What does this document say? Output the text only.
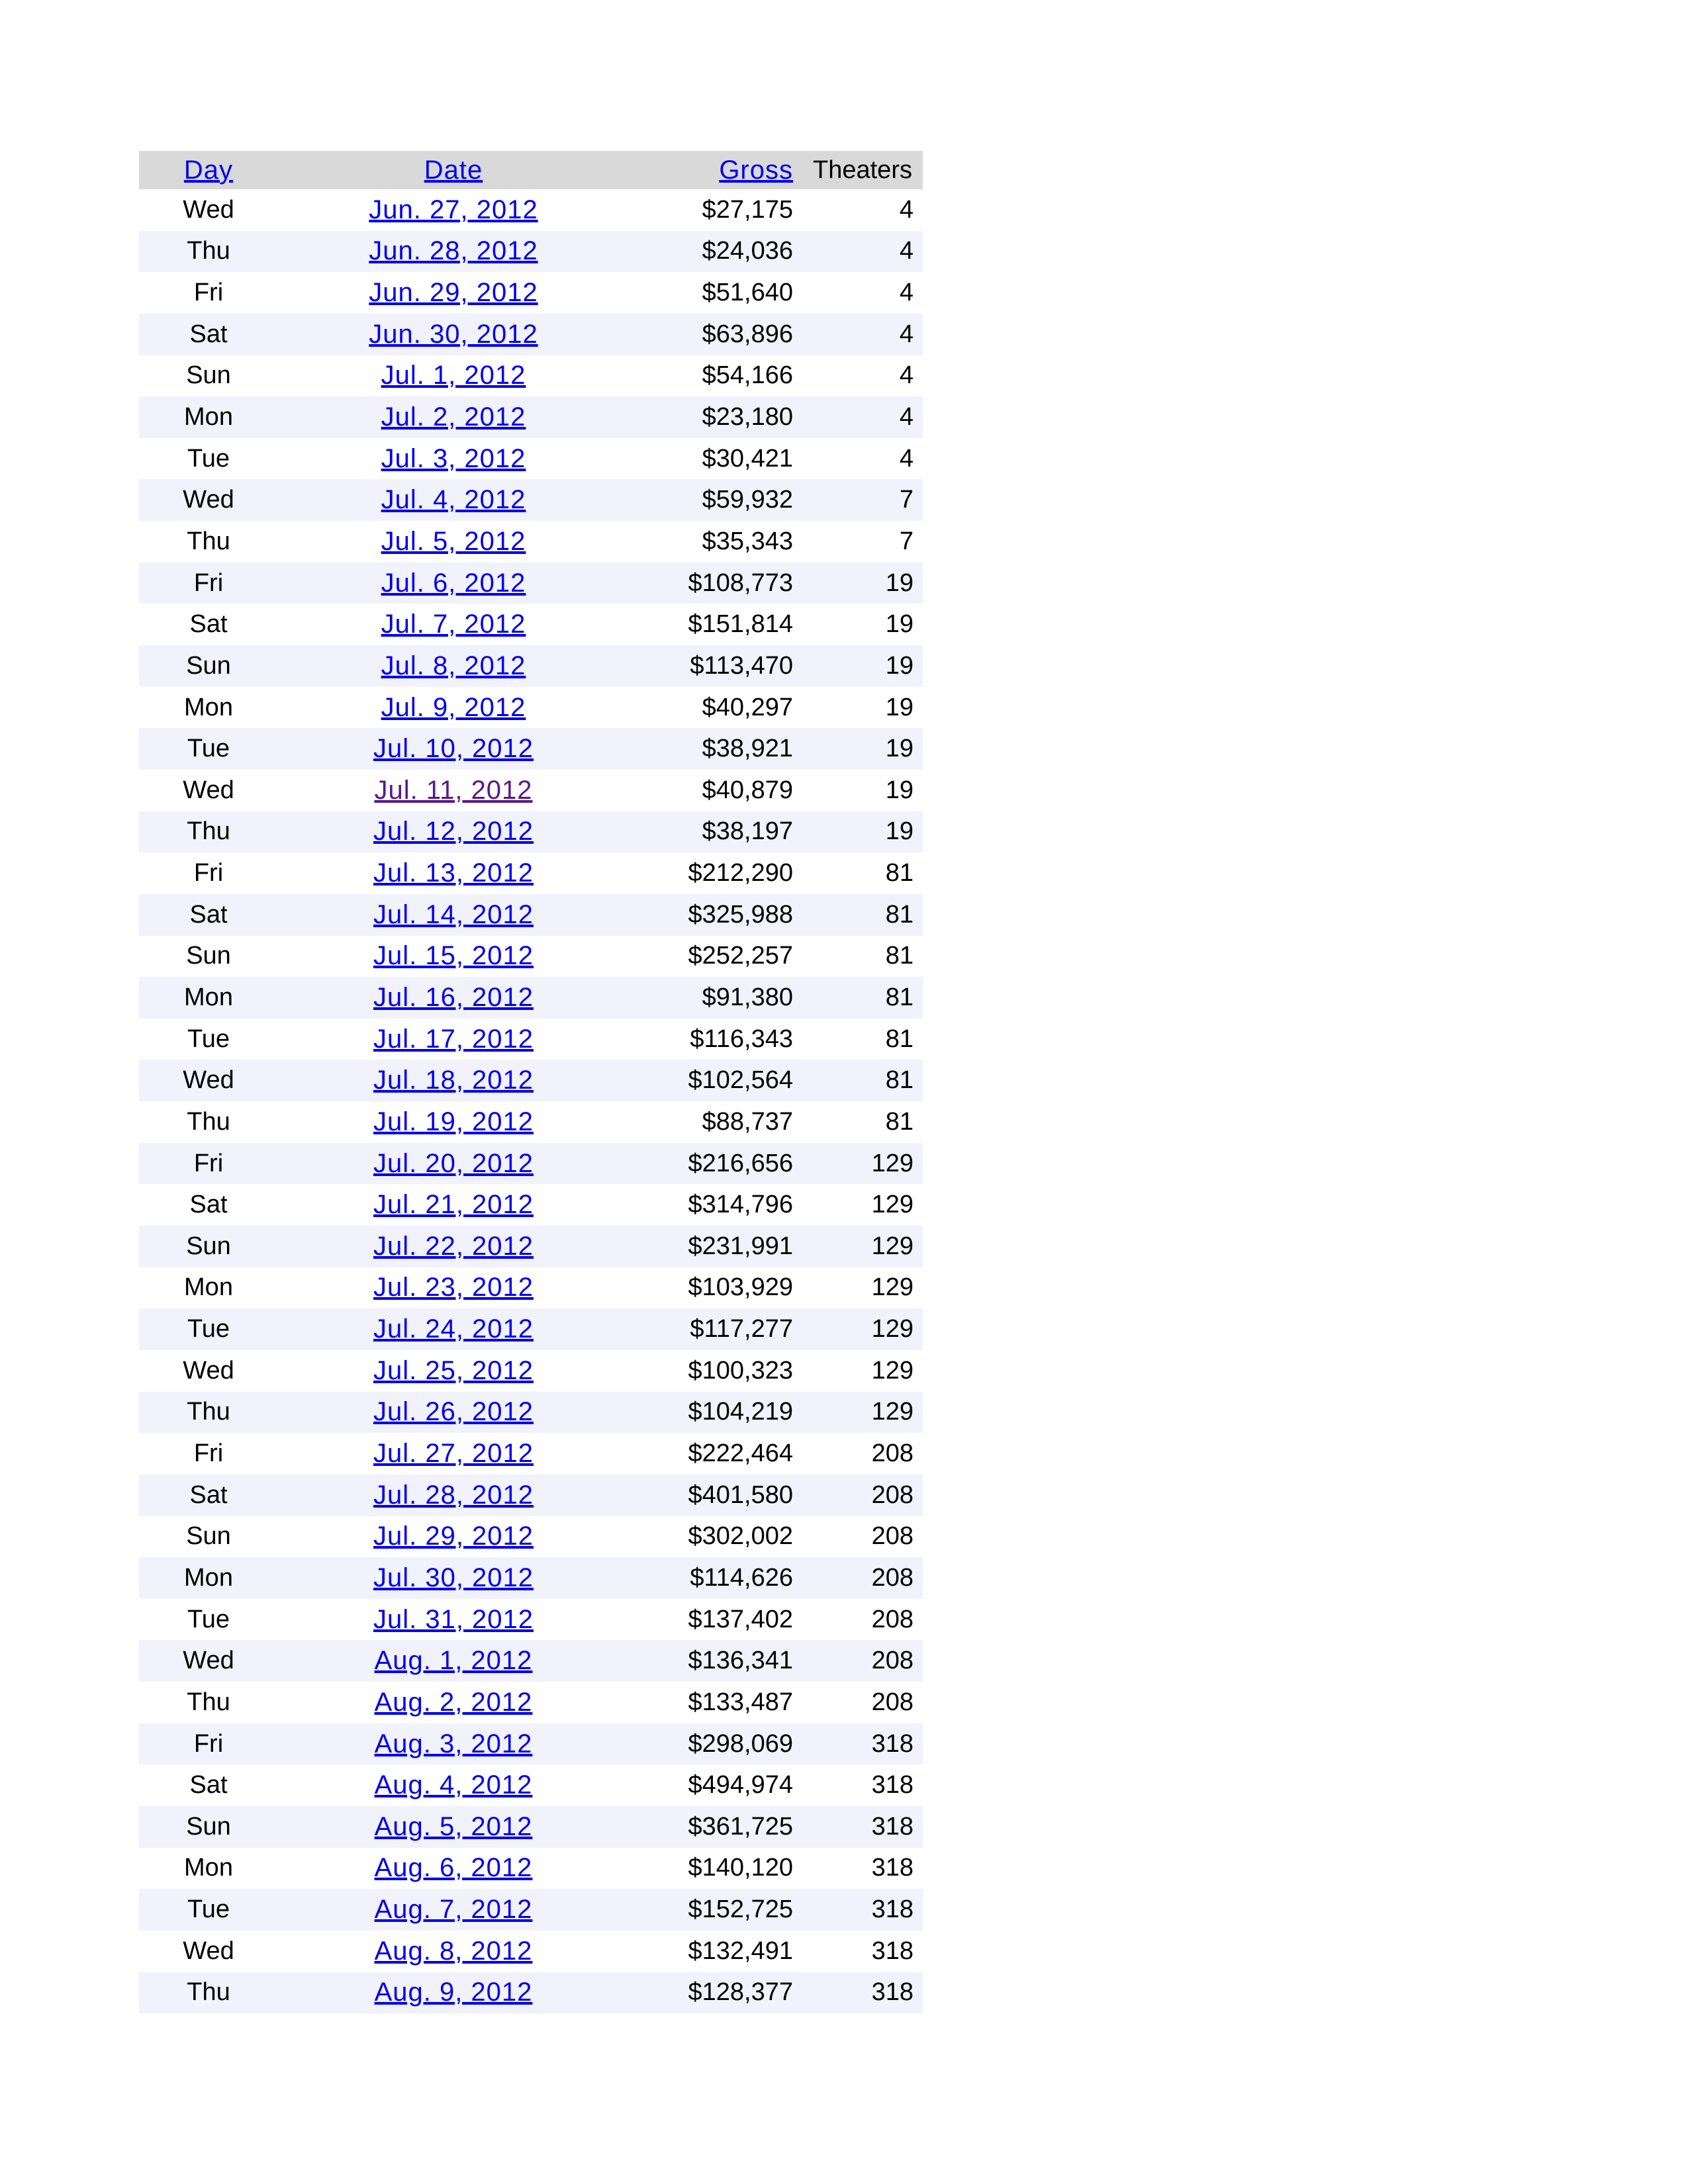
Day	Date	Gross	Theaters
Wed	Jun. 27, 2012	$27,175	4
Thu	Jun. 28, 2012	$24,036	4
Fri	Jun. 29, 2012	$51,640	4
Sat	Jun. 30, 2012	$63,896	4
Sun	Jul. 1, 2012	$54,166	4
Mon	Jul. 2, 2012	$23,180	4
Tue	Jul. 3, 2012	$30,421	4
Wed	Jul. 4, 2012	$59,932	7
Thu	Jul. 5, 2012	$35,343	7
Fri	Jul. 6, 2012	$108,773	19
Sat	Jul. 7, 2012	$151,814	19
Sun	Jul. 8, 2012	$113,470	19
Mon	Jul. 9, 2012	$40,297	19
Tue	Jul. 10, 2012	$38,921	19
Wed	Jul. 11, 2012	$40,879	19
Thu	Jul. 12, 2012	$38,197	19
Fri	Jul. 13, 2012	$212,290	81
Sat	Jul. 14, 2012	$325,988	81
Sun	Jul. 15, 2012	$252,257	81
Mon	Jul. 16, 2012	$91,380	81
Tue	Jul. 17, 2012	$116,343	81
Wed	Jul. 18, 2012	$102,564	81
Thu	Jul. 19, 2012	$88,737	81
Fri	Jul. 20, 2012	$216,656	129
Sat	Jul. 21, 2012	$314,796	129
Sun	Jul. 22, 2012	$231,991	129
Mon	Jul. 23, 2012	$103,929	129
Tue	Jul. 24, 2012	$117,277	129
Wed	Jul. 25, 2012	$100,323	129
Thu	Jul. 26, 2012	$104,219	129
Fri	Jul. 27, 2012	$222,464	208
Sat	Jul. 28, 2012	$401,580	208
Sun	Jul. 29, 2012	$302,002	208
Mon	Jul. 30, 2012	$114,626	208
Tue	Jul. 31, 2012	$137,402	208
Wed	Aug. 1, 2012	$136,341	208
Thu	Aug. 2, 2012	$133,487	208
Fri	Aug. 3, 2012	$298,069	318
Sat	Aug. 4, 2012	$494,974	318
Sun	Aug. 5, 2012	$361,725	318
Mon	Aug. 6, 2012	$140,120	318
Tue	Aug. 7, 2012	$152,725	318
Wed	Aug. 8, 2012	$132,491	318
Thu	Aug. 9, 2012	$128,377	318
